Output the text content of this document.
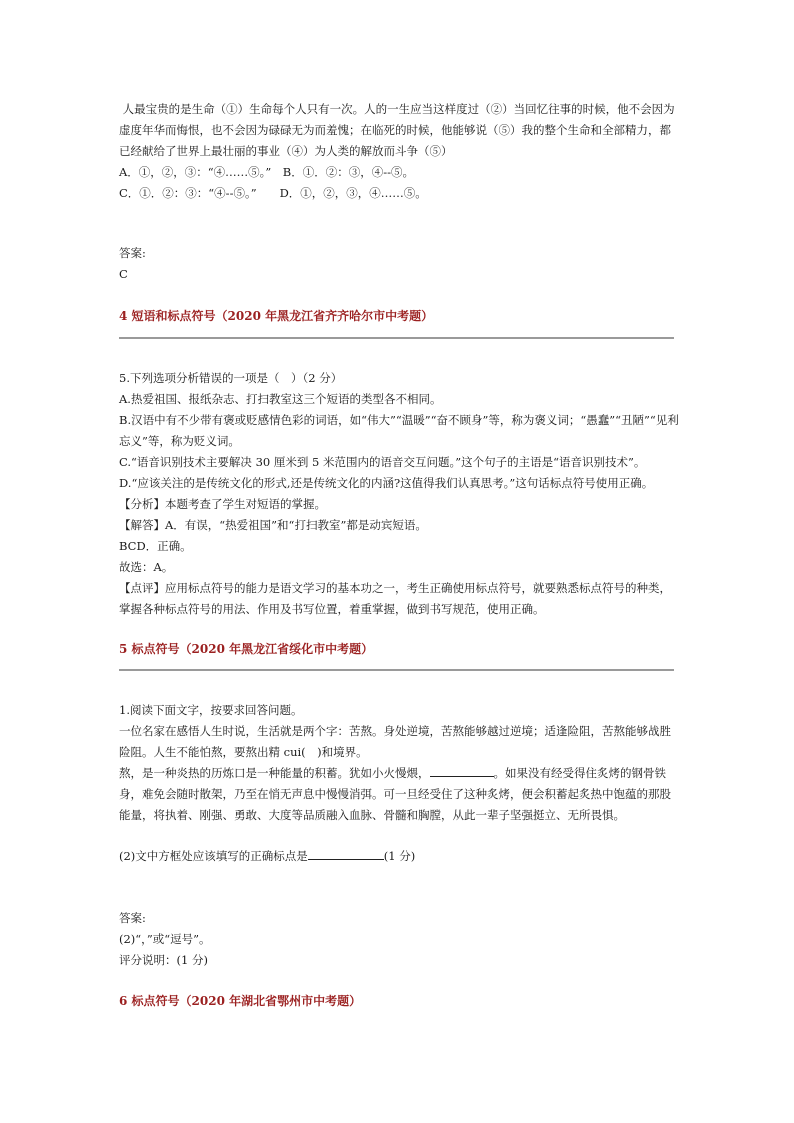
人最宝贵的是生命（①）生命每个人只有一次。人的一生应当这样度过（②）当回忆往事的时候，他不会因为虚度年华而悔恨，也不会因为碌碌无为而羞愧；在临死的时候，他能够说（⑤）我的整个生命和全部精力，都已经献给了世界上最壮丽的事业（④）为人类的解放而斗争（⑤）

A．①，②，③：“④……⑤。”　B．①．②：③，④--⑤。

C．①．②：③：“④--⑤。”　　D．①，②，③，④……⑤。

答案:

C

4 短语和标点符号（2020 年黑龙江省齐齐哈尔市中考题）

5.下列选项分析错误的一项是（　）（2 分）

A.热爱祖国、报纸杂志、打扫教室这三个短语的类型各不相同。

B.汉语中有不少带有褒或贬感情色彩的词语，如“伟大”“温暖”“奋不顾身”等，称为褒义词；“愚蠢”“丑陋”“见利忘义”等，称为贬义词。

C.“语音识别技术主要解决 30 厘米到 5 米范围内的语音交互问题。”这个句子的主语是“语音识别技术”。

D.“应该关注的是传统文化的形式,还是传统文化的内涵?这值得我们认真思考。”这句话标点符号使用正确。

【分析】本题考查了学生对短语的掌握。

【解答】A．有误，“热爱祖国”和“打扫教室”都是动宾短语。

BCD．正确。

故选：A。

【点评】应用标点符号的能力是语文学习的基本功之一，考生正确使用标点符号，就要熟悉标点符号的种类，掌握各种标点符号的用法、作用及书写位置，着重掌握，做到书写规范，使用正确。

5 标点符号（2020 年黑龙江省绥化市中考题）

1.阅读下面文字，按要求回答问题。

一位名家在感悟人生时说，生活就是两个字：苦熬。身处逆境，苦熬能够越过逆境；适逢险阻，苦熬能够战胜险阻。人生不能怕熬，要熬出精 cui(　)和境界。

熬，是一种炎热的历炼口是一种能量的积蓄。犹如小火慢煨，	。如果没有经受得住炙烤的钢骨铁身，难免会随时散架，乃至在悄无声息中慢慢消弭。可一旦经受住了这种炙烤，便会积蓄起炙热中饱蕴的那股能量，将执着、刚强、勇敢、大度等品质融入血脉、骨髓和胸膛，从此一辈子坚强挺立、无所畏惧。

(2)文中方框处应该填写的正确标点是	(1 分)

答案:

(2)“，”或“逗号”。

评分说明：(1 分)

6 标点符号（2020 年湖北省鄂州市中考题）
